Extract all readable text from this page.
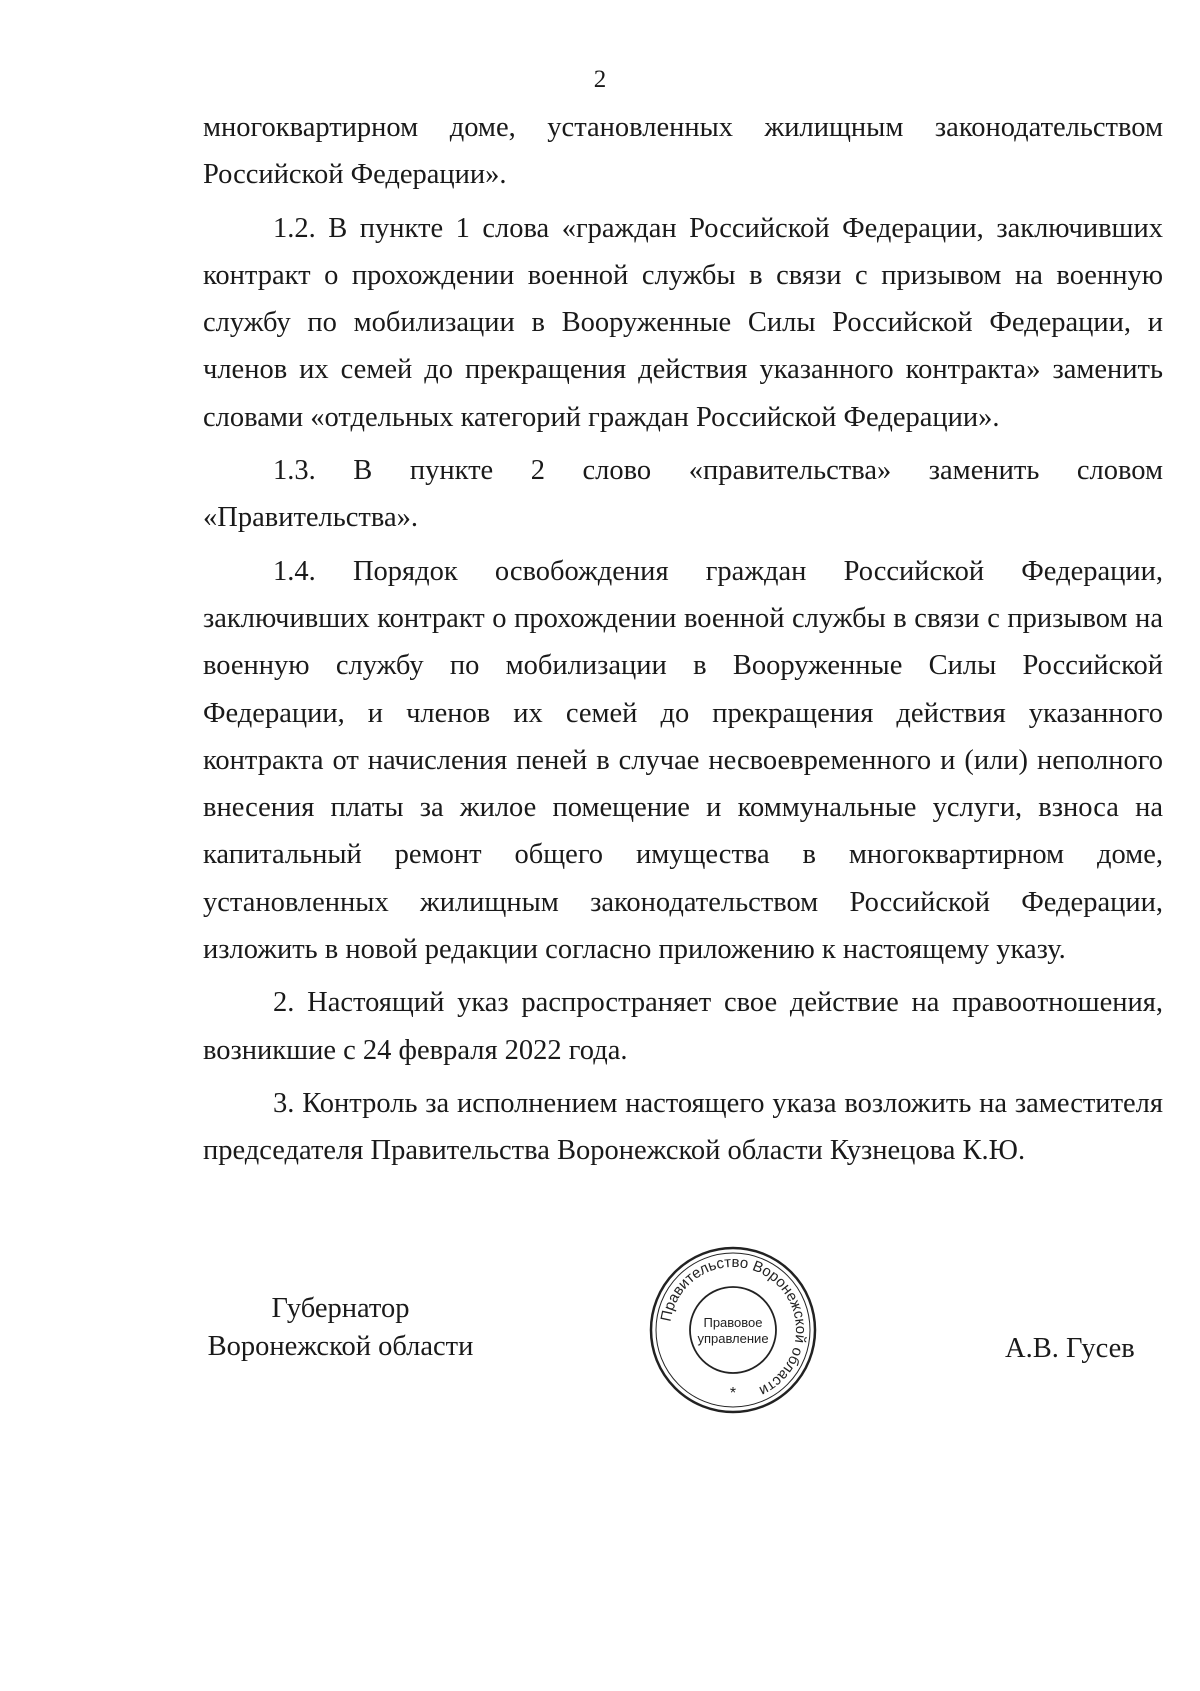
2

многоквартирном доме, установленных жилищным законодательством Российской Федерации».

1.2. В пункте 1 слова «граждан Российской Федерации, заключивших контракт о прохождении военной службы в связи с призывом на военную службу по мобилизации в Вооруженные Силы Российской Федерации, и членов их семей до прекращения действия указанного контракта» заменить словами «отдельных категорий граждан Российской Федерации».

1.3. В пункте 2 слово «правительства» заменить словом «Правительства».

1.4. Порядок освобождения граждан Российской Федерации, заключивших контракт о прохождении военной службы в связи с призывом на военную службу по мобилизации в Вооруженные Силы Российской Федерации, и членов их семей до прекращения действия указанного контракта от начисления пеней в случае несвоевременного и (или) неполного внесения платы за жилое помещение и коммунальные услуги, взноса на капитальный ремонт общего имущества в многоквартирном доме, установленных жилищным законодательством Российской Федерации, изложить в новой редакции согласно приложению к настоящему указу.

2. Настоящий указ распространяет свое действие на правоотношения, возникшие с 24 февраля 2022 года.

3. Контроль за исполнением настоящего указа возложить на заместителя председателя Правительства Воронежской области Кузнецова К.Ю.

Губернатор
Воронежской области
Правительство Воронежской области
Правовое
управление
*
А.В. Гусев
